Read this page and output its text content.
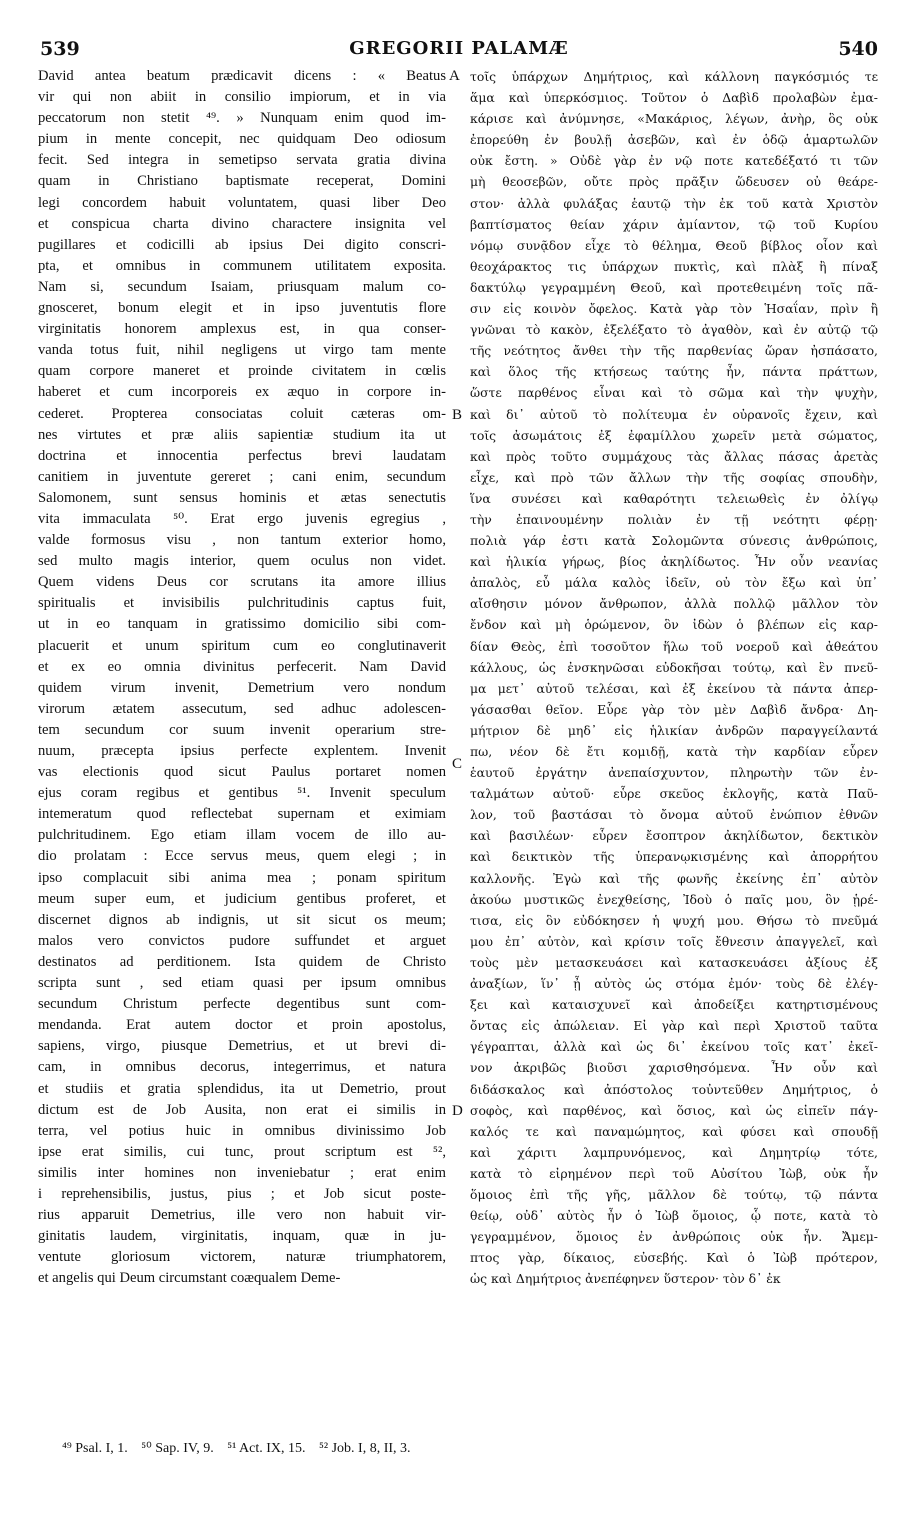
539	GREGORII PALAMÆ	540
David antea beatum prædicavit dicens : « Beatus
vir qui non abiit in consilio impiorum, et in via
peccatorum non stetit ⁴⁹. » Nunquam enim quod im-
pium in mente concepit, nec quidquam Deo odiosum
fecit. Sed integra in semetipso servata gratia divina
quam in Christiano baptismate receperat, Domini
legi concordem habuit voluntatem, quasi liber Deo
et conspicua charta divino charactere insignita vel
pugillares et codicilli ab ipsius Dei digito conscri-
pta, et omnibus in communem utilitatem exposita.
Nam si, secundum Isaiam, priusquam malum co-
gnosceret, bonum elegit et in ipso juventutis flore
virginitatis honorem amplexus est, in qua conser-
vanda totus fuit, nihil negligens ut virgo tam mente
quam corpore maneret et proinde civitatem in cœlis
haberet et cum incorporeis ex æquo in corpore in-
cederet. Propterea consociatas coluit cæteras om-
nes virtutes et præ aliis sapientiæ studium ita ut
doctrina et innocentia perfectus brevi laudatam
canitiem in juventute gereret ; cani enim, secundum
Salomonem, sunt sensus hominis et ætas senectutis
vita immaculata ⁵⁰. Erat ergo juvenis egregius ,
valde formosus visu , non tantum exterior homo,
sed multo magis interior, quem oculus non videt.
Quem videns Deus cor scrutans ita amore illius
spiritualis et invisibilis pulchritudinis captus fuit,
ut in eo tanquam in gratissimo domicilio sibi com-
placuerit et unum spiritum cum eo conglutinaverit
et ex eo omnia divinitus perfecerit. Nam David
quidem virum invenit, Demetrium vero nondum
virorum ætatem assecutum, sed adhuc adolescen-
tem secundum cor suum invenit operarium stre-
nuum, præcepta ipsius perfecte explentem. Invenit
vas electionis quod sicut Paulus portaret nomen
ejus coram regibus et gentibus ⁵¹. Invenit speculum
intemeratum quod reflectebat supernam et eximiam
pulchritudinem. Ego etiam illam vocem de illo au-
dio prolatam : Ecce servus meus, quem elegi ; in
ipso complacuit sibi anima mea ; ponam spiritum
meum super eum, et judicium gentibus proferet, et
discernet dignos ab indignis, ut sit sicut os meum;
malos vero convictos pudore suffundet et arguet
destinatos ad perditionem. Ista quidem de Christo
scripta sunt , sed etiam quasi per ipsum omnibus
secundum Christum perfecte degentibus sunt com-
mendanda. Erat autem doctor et proin apostolus,
sapiens, virgo, piusque Demetrius, et ut brevi di-
cam, in omnibus decorus, integerrimus, et natura
et studiis et gratia splendidus, ita ut Demetrio, prout
dictum est de Job Ausita, non erat ei similis in
terra, vel potius huic in omnibus divinissimo Job
ipse erat similis, cui tunc, prout scriptum est ⁵²,
similis inter homines non inveniebatur ; erat enim
i reprehensibilis, justus, pius ; et Job sicut poste-
rius apparuit Demetrius, ille vero non habuit vir-
ginitatis laudem, virginitatis, inquam, quæ in ju-
ventute gloriosum victorem, naturæ triumphatorem,
et angelis qui Deum circumstant coæqualem Deme-
τοῖς ὑπάρχων Δημήτριος, καὶ κάλλονη παγκόσμιός τε
ἅμα καὶ ὑπερκόσμιος. Τοῦτον ὁ Δαβὶδ προλαβὼν ἐμα-
κάρισε καὶ ἀνύμνησε, «Μακάριος, λέγων, ἀνὴρ, ὃς οὐκ
ἐπορεύθη ἐν βουλῇ ἀσεβῶν, καὶ ἐν ὁδῷ ἁμαρτωλῶν
οὐκ ἔστη. » Οὐδὲ γὰρ ἐν νῷ ποτε κατεδέξατό τι τῶν
μὴ θεοσεβῶν, οὔτε πρὸς πρᾶξιν ὥδευσεν οὐ θεάρε-
στον· ἀλλὰ φυλάξας ἑαυτῷ τὴν ἐκ τοῦ κατὰ Χριστὸν
βαπτίσματος θείαν χάριν ἀμίαντον, τῷ τοῦ Κυρίου
νόμῳ συνᾷδον εἶχε τὸ θέλημα, Θεοῦ βίβλος οἷον καὶ
θεοχάρακτος τις ὑπάρχων πυκτὶς, καὶ πλὰξ ἢ πίναξ
δακτύλῳ γεγραμμένη Θεοῦ, καὶ προτεθειμένη τοῖς πᾶ-
σιν εἰς κοινὸν ὄφελος. Κατὰ γὰρ τὸν Ἡσαΐαν, πρὶν ἢ
γνῶναι τὸ κακὸν, ἐξελέξατο τὸ ἀγαθὸν, καὶ ἐν αὐτῷ τῷ
τῆς νεότητος ἄνθει τὴν τῆς παρθενίας ὥραν ἠσπάσατο,
καὶ ὅλος τῆς κτήσεως ταύτης ἦν, πάντα πράττων,
ὥστε παρθένος εἶναι καὶ τὸ σῶμα καὶ τὴν ψυχὴν,
καὶ δι᾽ αὐτοῦ τὸ πολίτευμα ἐν οὐρανοῖς ἔχειν, καὶ
τοῖς ἀσωμάτοις ἐξ ἐφαμίλλου χωρεῖν μετὰ σώματος,
καὶ πρὸς τοῦτο συμμάχους τὰς ἄλλας πάσας ἀρετὰς
εἶχε, καὶ πρὸ τῶν ἄλλων τὴν τῆς σοφίας σπουδὴν,
ἵνα συνέσει καὶ καθαρότητι τελειωθεὶς ἐν ὀλίγῳ
τὴν ἐπαινουμένην πολιὰν ἐν τῇ νεότητι φέρῃ·
πολιὰ γάρ ἐστι κατὰ Σολομῶντα σύνεσις ἀνθρώποις,
καὶ ἡλικία γήρως, βίος ἀκηλίδωτος. Ἦν οὖν νεανίας
ἀπαλὸς, εὖ μάλα καλὸς ἰδεῖν, οὐ τὸν ἔξω καὶ ὑπ᾽
αἴσθησιν μόνον ἄνθρωπον, ἀλλὰ πολλῷ μᾶλλον τὸν
ἔνδον καὶ μὴ ὁρώμενον, ὃν ἰδὼν ὁ βλέπων εἰς καρ-
δίαν Θεὸς, ἐπὶ τοσοῦτον ἥλω τοῦ νοεροῦ καὶ ἀθεάτου
κάλλους, ὡς ἐνσκηνῶσαι εὐδοκῆσαι τούτῳ, καὶ ἓν πνεῦ-
μα μετ᾽ αὐτοῦ τελέσαι, καὶ ἐξ ἐκείνου τὰ πάντα ἀπερ-
γάσασθαι θεῖον. Εὗρε γὰρ τὸν μὲν Δαβὶδ ἄνδρα· Δη-
μήτριον δὲ μηδ᾽ εἰς ἡλικίαν ἀνδρῶν παραγγείλαντά
πω, νέον δὲ ἔτι κομιδῇ, κατὰ τὴν καρδίαν εὗρεν
ἑαυτοῦ ἐργάτην ἀνεπαίσχυντον, πληρωτὴν τῶν ἐν-
ταλμάτων αὐτοῦ· εὗρε σκεῦος ἐκλογῆς, κατὰ Παῦ-
λον, τοῦ βαστάσαι τὸ ὄνομα αὐτοῦ ἐνώπιον ἐθνῶν
καὶ βασιλέων· εὗρεν ἔσοπτρον ἀκηλίδωτον, δεκτικὸν
καὶ δεικτικὸν τῆς ὑπερανῳκισμένης καὶ ἀπορρήτου
καλλονῆς. Ἐγὼ καὶ τῆς φωνῆς ἐκείνης ἐπ᾽ αὐτὸν
ἀκούω μυστικῶς ἐνεχθείσης, Ἰδοὺ ὁ παῖς μου, ὃν ᾑρέ-
τισα, εἰς ὃν εὐδόκησεν ἡ ψυχή μου. Θήσω τὸ πνεῦμά
μου ἐπ᾽ αὐτὸν, καὶ κρίσιν τοῖς ἔθνεσιν ἀπαγγελεῖ, καὶ
τοὺς μὲν μετασκευάσει καὶ κατασκευάσει ἀξίους ἐξ
ἀναξίων, ἵν᾽ ᾖ αὐτὸς ὡς στόμα ἐμόν· τοὺς δὲ ἐλέγ-
ξει καὶ καταισχυνεῖ καὶ ἀποδείξει κατηρτισμένους
ὄντας εἰς ἀπώλειαν. Εἰ γὰρ καὶ περὶ Χριστοῦ ταῦτα
γέγραπται, ἀλλὰ καὶ ὡς δι᾽ ἐκείνου τοῖς κατ᾽ ἐκεῖ-
νον ἀκριβῶς βιοῦσι χαρισθησόμενα. Ἦν οὖν καὶ
διδάσκαλος καὶ ἀπόστολος τοὐντεῦθεν Δημήτριος, ὁ
σοφὸς, καὶ παρθένος, καὶ ὅσιος, καὶ ὡς εἰπεῖν πάγ-
καλός τε καὶ παναμώμητος, καὶ φύσει καὶ σπουδῇ
καὶ χάριτι λαμπρυνόμενος, καὶ Δημητρίῳ τότε,
κατὰ τὸ εἰρημένον περὶ τοῦ Αὐσίτου Ἰὼβ, οὐκ ἦν
ὅμοιος ἐπὶ τῆς γῆς, μᾶλλον δὲ τούτῳ, τῷ πάντα
θείῳ, οὐδ᾽ αὐτὸς ἦν ὁ Ἰὼβ ὅμοιος, ᾧ ποτε, κατὰ τὸ
γεγραμμένον, ὅμοιος ἐν ἀνθρώποις οὐκ ἦν. Ἄμεμ-
πτος γὰρ, δίκαιος, εὐσεβής. Καὶ ὁ Ἰὼβ πρότερον,
ὡς καὶ Δημήτριος ἀνεπέφηνεν ὕστερον· τὸν δ᾽ ἐκ
A
B
C
D
⁴⁹ Psal. I, 1. ⁵⁰ Sap. IV, 9. ⁵¹ Act. IX, 15. ⁵² Job. I, 8, II, 3.
